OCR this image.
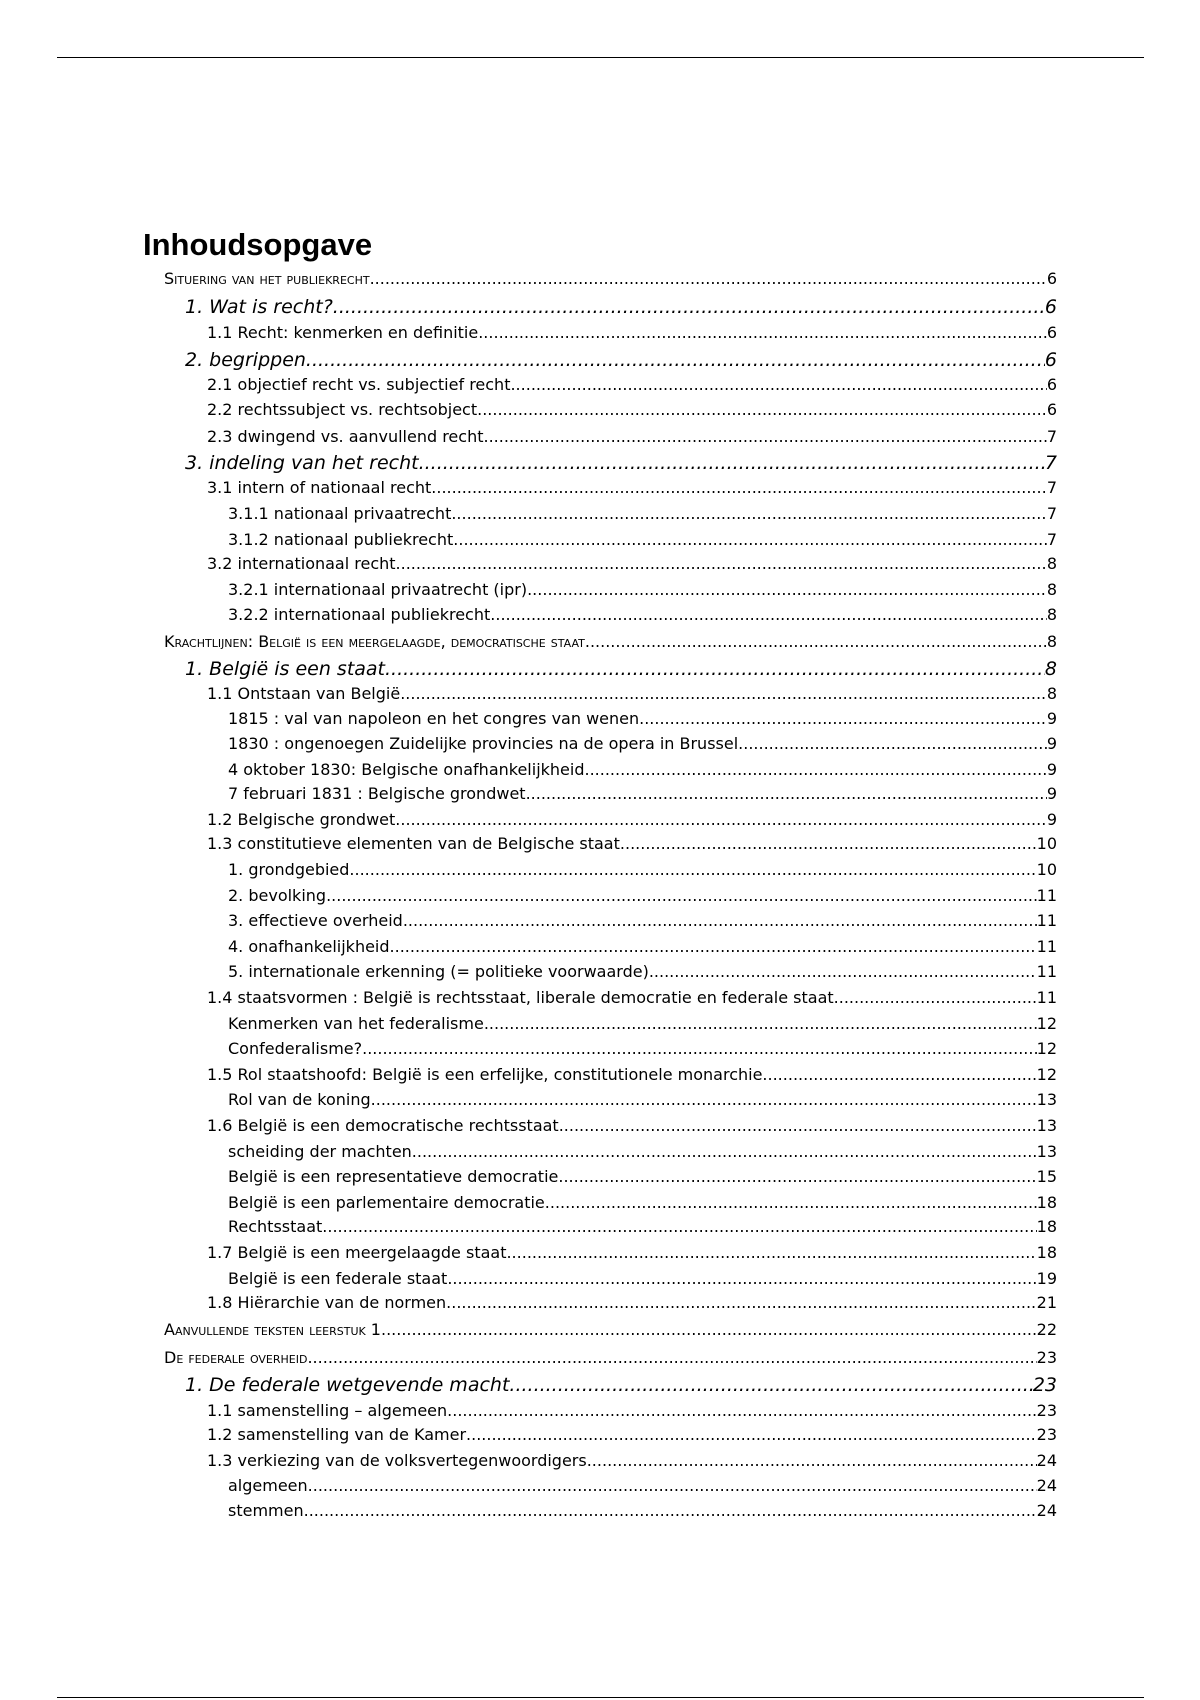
Inhoudsopgave
Situering van het publiekrecht .....	6
1. Wat is recht? .....	6
1.1 Recht: kenmerken en definitie .....	6
2. begrippen .....	6
2.1 objectief recht vs. subjectief recht .....	6
2.2 rechtssubject vs. rechtsobject .....	6
2.3 dwingend vs. aanvullend recht .....	7
3. indeling van het recht .....	7
3.1 intern of nationaal recht .....	7
3.1.1 nationaal privaatrecht .....	7
3.1.2 nationaal publiekrecht .....	7
3.2 internationaal recht .....	8
3.2.1 internationaal privaatrecht (ipr) .....	8
3.2.2 internationaal publiekrecht .....	8
Krachtlijnen: België is een meergelaagde, democratische staat .....	8
1. België is een staat .....	8
1.1 Ontstaan van België .....	8
1815 : val van napoleon en het congres van wenen .....	9
1830 : ongenoegen Zuidelijke provincies na de opera in Brussel .....	9
4 oktober 1830: Belgische onafhankelijkheid .....	9
7 februari 1831 : Belgische grondwet .....	9
1.2 Belgische grondwet .....	9
1.3 constitutieve elementen van de Belgische staat .....	10
1. grondgebied .....	10
2. bevolking .....	11
3. effectieve overheid .....	11
4. onafhankelijkheid .....	11
5. internationale erkenning (= politieke voorwaarde) .....	11
1.4 staatsvormen : België is rechtsstaat, liberale democratie en federale staat .....	11
Kenmerken van het federalisme .....	12
Confederalisme? .....	12
1.5 Rol staatshoofd: België is een erfelijke, constitutionele monarchie .....	12
Rol van de koning .....	13
1.6 België is een democratische rechtsstaat .....	13
scheiding der machten .....	13
België is een representatieve democratie .....	15
België is een parlementaire democratie .....	18
Rechtsstaat .....	18
1.7 België is een meergelaagde staat .....	18
België is een federale staat .....	19
1.8 Hiërarchie van de normen .....	21
Aanvullende teksten leerstuk 1 .....	22
De federale overheid .....	23
1. De federale wetgevende macht .....	23
1.1 samenstelling – algemeen .....	23
1.2 samenstelling van de Kamer .....	23
1.3 verkiezing van de volksvertegenwoordigers .....	24
algemeen .....	24
stemmen .....	24
